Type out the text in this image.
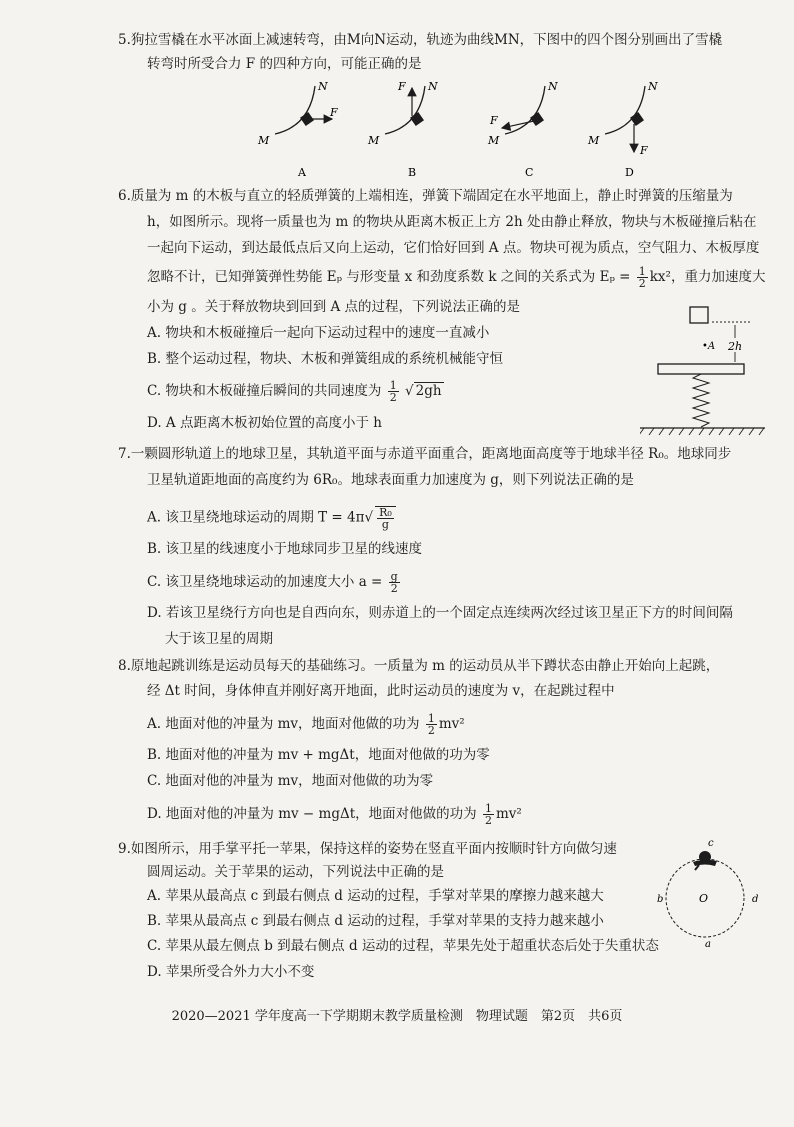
5.狗拉雪橇在水平冰面上减速转弯，由M向N运动，轨迹为曲线MN，下图中的四个图分别画出了雪橇
转弯时所受合力 F 的四种方向，可能正确的是
N
M
F
A
F N
M
B
N
F
M
C
N
M
F
D
6.质量为 m 的木板与直立的轻质弹簧的上端相连，弹簧下端固定在水平地面上，静止时弹簧的压缩量为
h，如图所示。现将一质量也为 m 的物块从距离木板正上方 2h 处由静止释放，物块与木板碰撞后粘在
一起向下运动，到达最低点后又向上运动，它们恰好回到 A 点。物块可视为质点，空气阻力、木板厚度
忽略不计，已知弹簧弹性势能 Eₚ 与形变量 x 和劲度系数 k 之间的关系式为 $E_p = \frac{1}{2} kx^2$，重力加速度大
小为 g 。关于释放物块到回到 A 点的过程，下列说法正确的是
A. 物块和木板碰撞后一起向下运动过程中的速度一直减小
B. 整个运动过程，物块、木板和弹簧组成的系统机械能守恒
C. 物块和木板碰撞后瞬间的共同速度为 $\frac{1}{2}$ √ 2gh
D. A 点距离木板初始位置的高度小于 h
2h
•A
7.一颗圆形轨道上的地球卫星，其轨道平面与赤道平面重合，距离地面高度等于地球半径 R₀。地球同步
卫星轨道距地面的高度约为 6R₀。地球表面重力加速度为 g，则下列说法正确的是
A. 该卫星绕地球运动的周期 $T = 4\pi√ \frac{\text{R₀}}{g}$
B. 该卫星的线速度小于地球同步卫星的线速度
C. 该卫星绕地球运动的加速度大小 $a = \frac{g}{2}$
D. 若该卫星绕行方向也是自西向东，则赤道上的一个固定点连续两次经过该卫星正下方的时间间隔
大于该卫星的周期
8.原地起跳训练是运动员每天的基础练习。一质量为 m 的运动员从半下蹲状态由静止开始向上起跳，
经 Δt 时间，身体伸直并刚好离开地面，此时运动员的速度为 v，在起跳过程中
A. 地面对他的冲量为 mv，地面对他做的功为 $\frac{1}{2} mv^2$
B. 地面对他的冲量为 mv + mgΔt，地面对他做的功为零
C. 地面对他的冲量为 mv，地面对他做的功为零
D. 地面对他的冲量为 mv − mgΔt，地面对他做的功为 $\frac{1}{2} mv^2$
9.如图所示，用手掌平托一苹果，保持这样的姿势在竖直平面内按顺时针方向做匀速
圆周运动。关于苹果的运动，下列说法中正确的是
A. 苹果从最高点 c 到最右侧点 d 运动的过程，手掌对苹果的摩擦力越来越大
B. 苹果从最高点 c 到最右侧点 d 运动的过程，手掌对苹果的支持力越来越小
C. 苹果从最左侧点 b 到最右侧点 d 运动的过程，苹果先处于超重状态后处于失重状态
D. 苹果所受合外力大小不变
c
b	O	d
a
2020—2021 学年度高一下学期期末教学质量检测　物理试题　第2页　共6页
